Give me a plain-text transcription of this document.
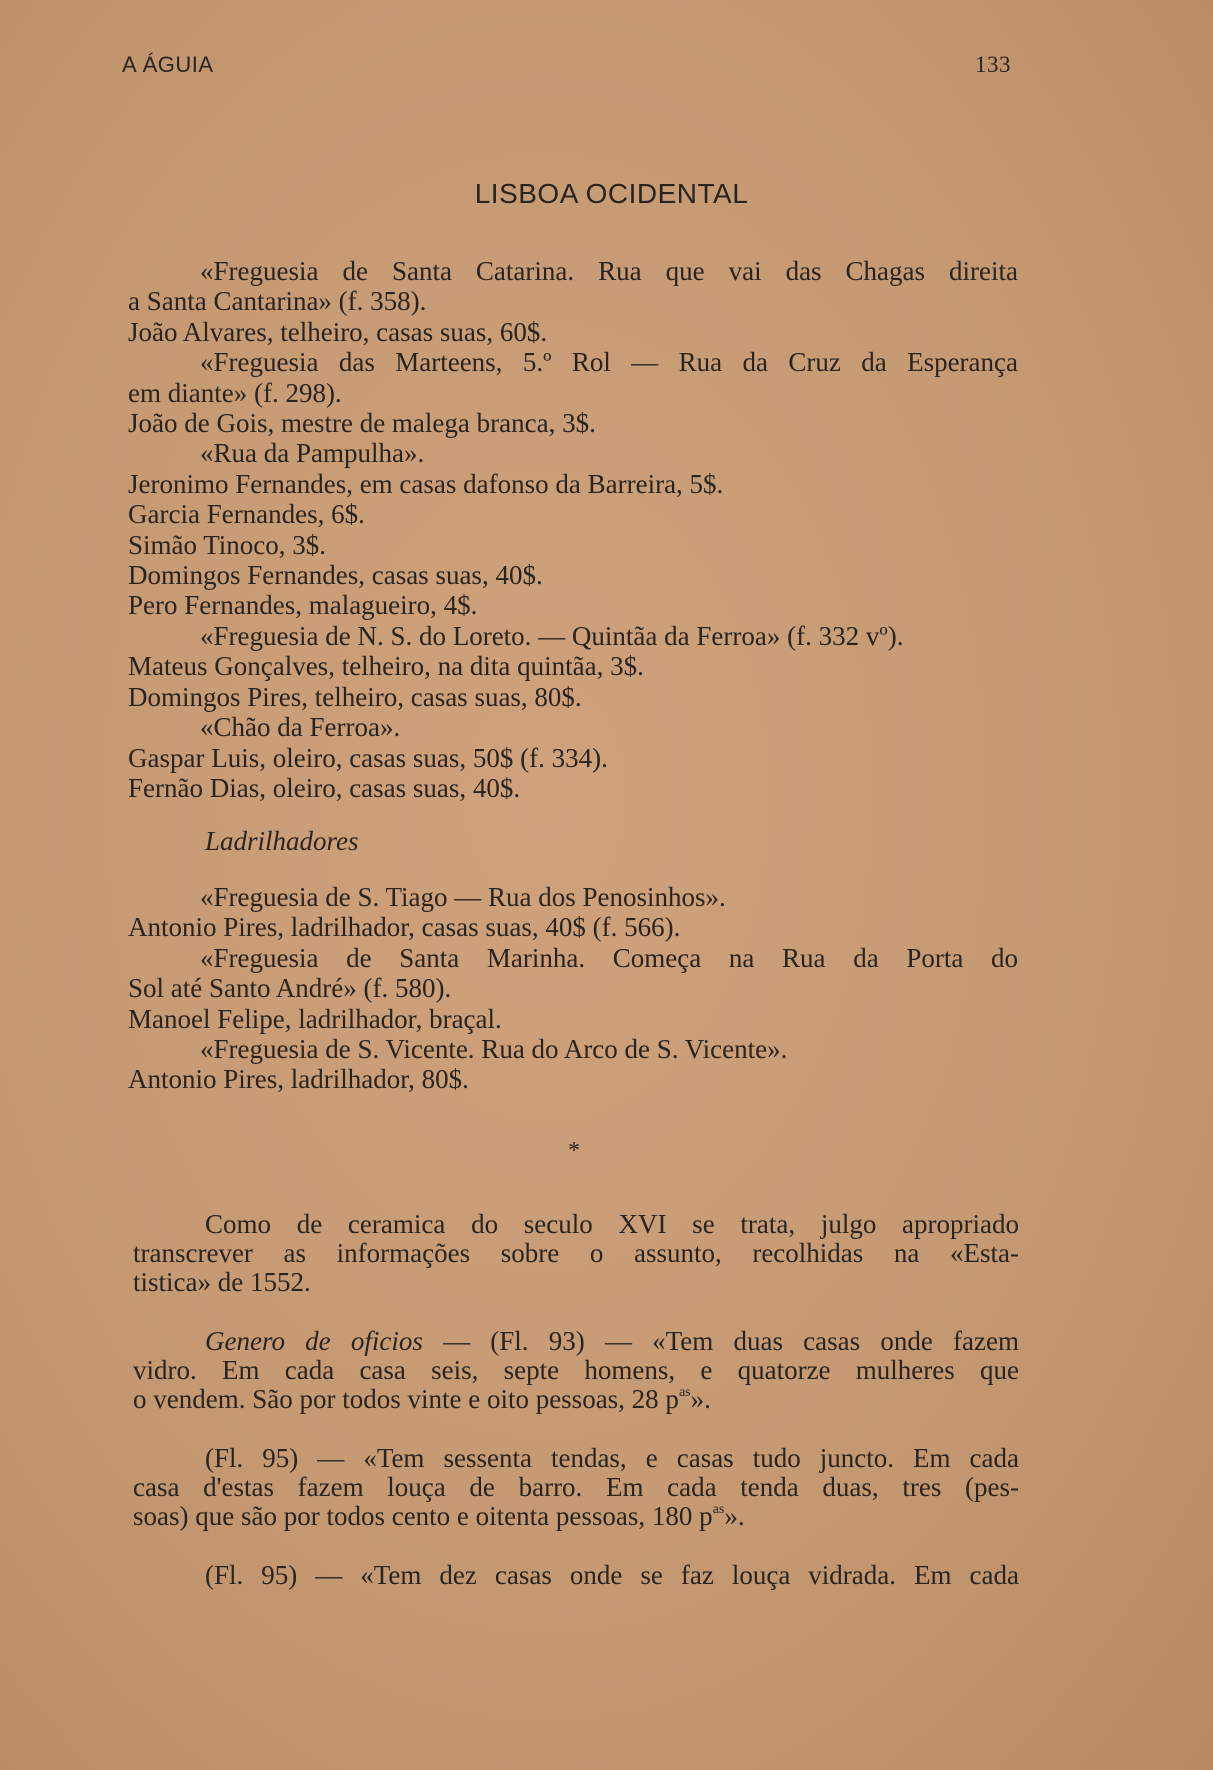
A ÁGUIA	133
LISBOA OCIDENTAL
«Freguesia de Santa Catarina. Rua que vai das Chagas direita
a Santa Cantarina» (f. 358).
João Alvares, telheiro, casas suas, 60$.
«Freguesia das Marteens, 5.º Rol — Rua da Cruz da Esperança
em diante» (f. 298).
João de Gois, mestre de malega branca, 3$.
«Rua da Pampulha».
Jeronimo Fernandes, em casas dafonso da Barreira, 5$.
Garcia Fernandes, 6$.
Simão Tinoco, 3$.
Domingos Fernandes, casas suas, 40$.
Pero Fernandes, malagueiro, 4$.
«Freguesia de N. S. do Loreto. — Quintãa da Ferroa» (f. 332 vº).
Mateus Gonçalves, telheiro, na dita quintãa, 3$.
Domingos Pires, telheiro, casas suas, 80$.
«Chão da Ferroa».
Gaspar Luis, oleiro, casas suas, 50$ (f. 334).
Fernão Dias, oleiro, casas suas, 40$.
Ladrilhadores
«Freguesia de S. Tiago — Rua dos Penosinhos».
Antonio Pires, ladrilhador, casas suas, 40$ (f. 566).
«Freguesia de Santa Marinha. Começa na Rua da Porta do
Sol até Santo André» (f. 580).
Manoel Felipe, ladrilhador, braçal.
«Freguesia de S. Vicente. Rua do Arco de S. Vicente».
Antonio Pires, ladrilhador, 80$.
*
Como de ceramica do seculo XVI se trata, julgo apropriado
transcrever as informações sobre o assunto, recolhidas na «Esta-
tistica» de 1552.
Genero de oficios — (Fl. 93) — «Tem duas casas onde fazem
vidro. Em cada casa seis, septe homens, e quatorze mulheres que
o vendem. São por todos vinte e oito pessoas, 28 $p^{as}$».
(Fl. 95) — «Tem sessenta tendas, e casas tudo juncto. Em cada
casa d'estas fazem louça de barro. Em cada tenda duas, tres (pes-
soas) que são por todos cento e oitenta pessoas, 180 $p^{as}$».
(Fl. 95) — «Tem dez casas onde se faz louça vidrada. Em cada
